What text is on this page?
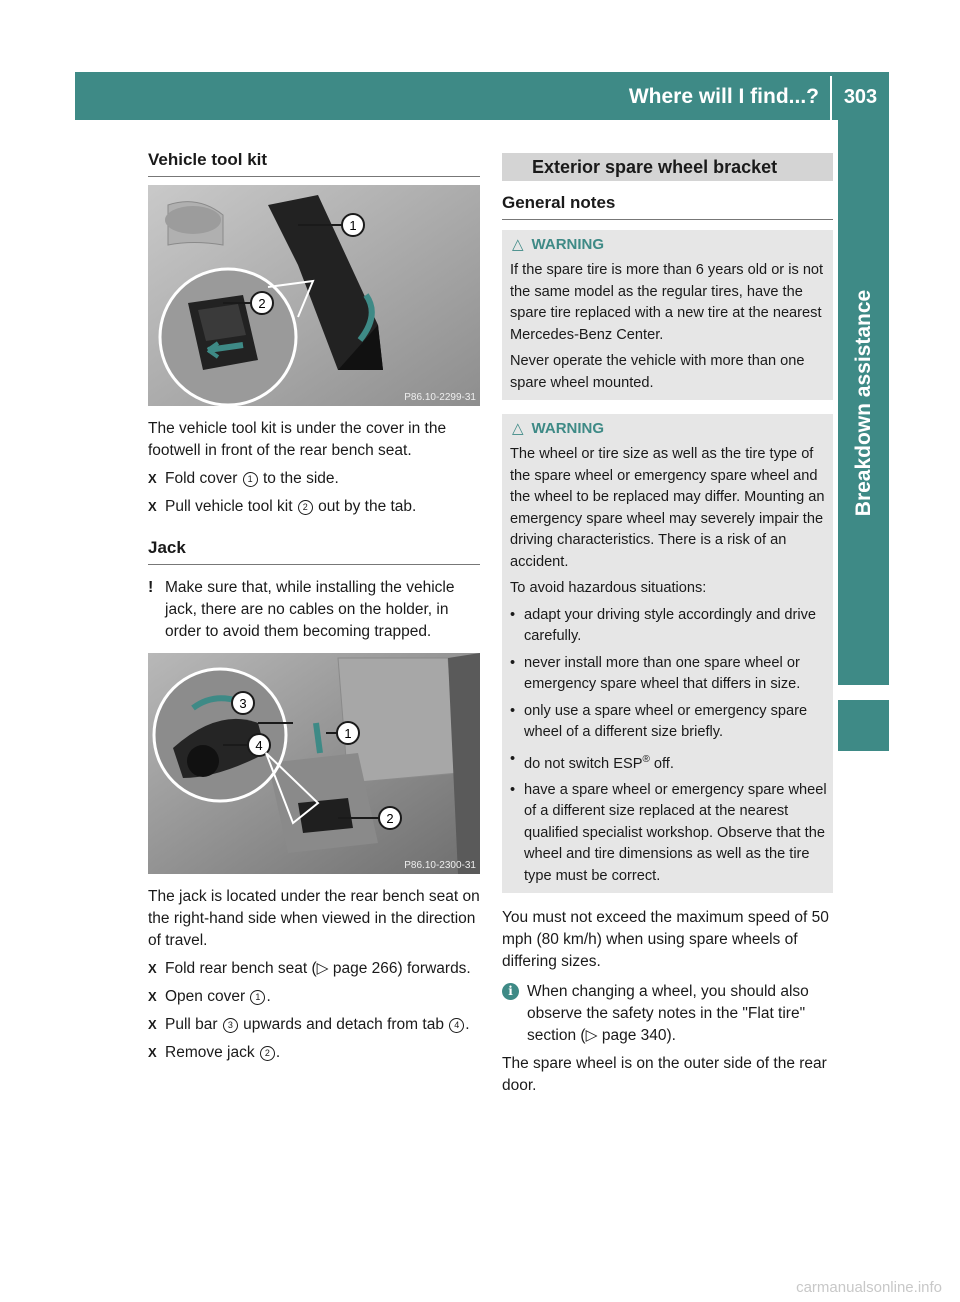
Where will I find...?	303
Breakdown assistance
Vehicle tool kit
1
2
P86.10-2299-31

The vehicle tool kit is under the cover in the footwell in front of the rear bench seat.

X Fold cover 1 to the side.
X Pull vehicle tool kit 2 out by the tab.
Jack
! Make sure that, while installing the vehicle jack, there are no cables on the holder, in order to avoid them becoming trapped.
3
4
1
2
P86.10-2300-31

The jack is located under the rear bench seat on the right-hand side when viewed in the direction of travel.

X Fold rear bench seat (▷ page 266) forwards.
X Open cover 1 .
X Pull bar 3 upwards and detach from tab 4 .
X Remove jack 2 .
Exterior spare wheel bracket
General notes
△ WARNING

If the spare tire is more than 6 years old or is not the same model as the regular tires, have the spare tire replaced with a new tire at the nearest Mercedes-Benz Center.

Never operate the vehicle with more than one spare wheel mounted.

△ WARNING

The wheel or tire size as well as the tire type of the spare wheel or emergency spare wheel and the wheel to be replaced may differ. Mounting an emergency spare wheel may severely impair the driving characteristics. There is a risk of an accident.

To avoid hazardous situations:

• adapt your driving style accordingly and drive carefully.
• never install more than one spare wheel or emergency spare wheel that differs in size.
• only use a spare wheel or emergency spare wheel of a different size briefly.
• do not switch ESP® off.
• have a spare wheel or emergency spare wheel of a different size replaced at the nearest qualified specialist workshop. Observe that the wheel and tire dimensions as well as the tire type must be correct.

You must not exceed the maximum speed of 50 mph (80 km/h) when using spare wheels of differing sizes.

i When changing a wheel, you should also observe the safety notes in the "Flat tire" section (▷ page 340).

The spare wheel is on the outer side of the rear door.

carmanualsonline.info
